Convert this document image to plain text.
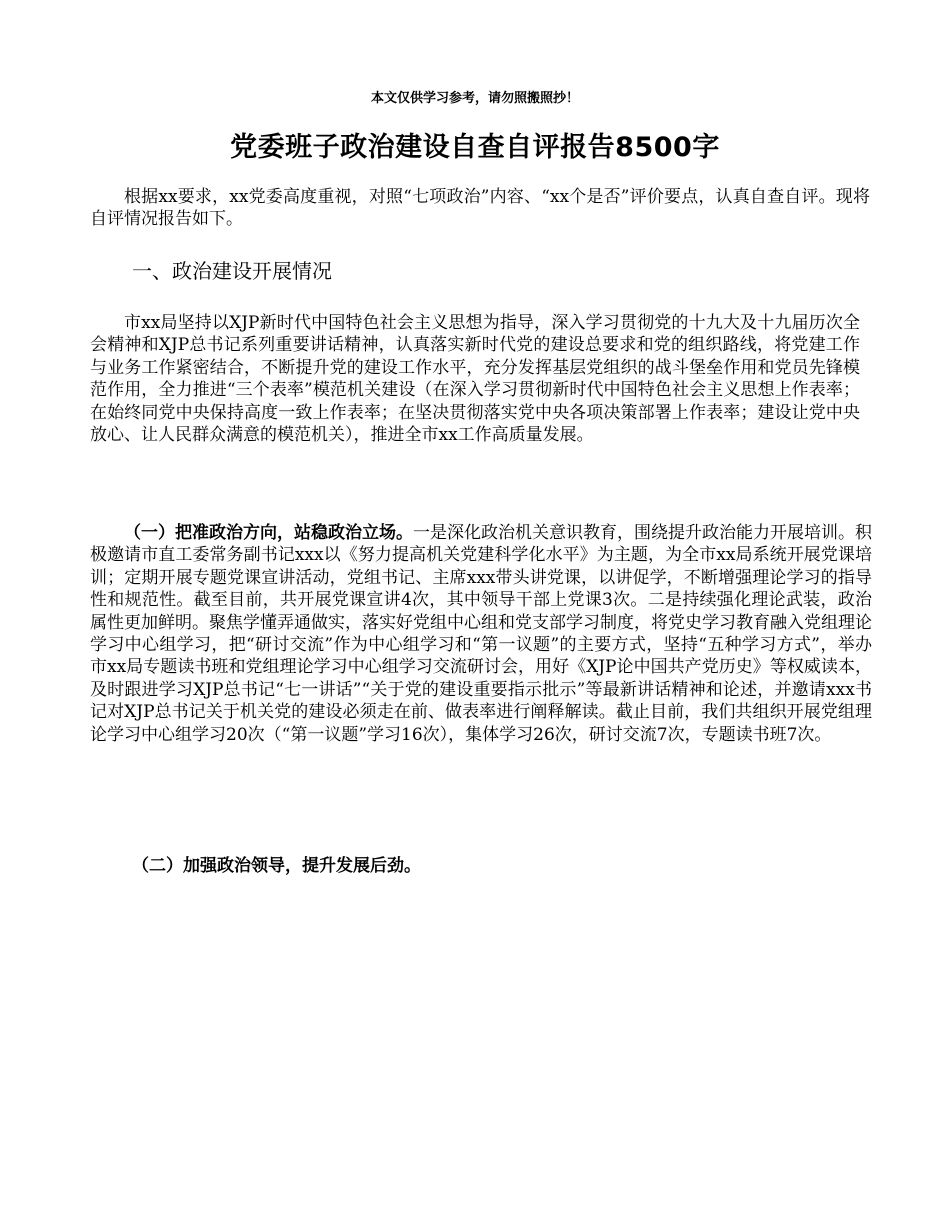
本文仅供学习参考，请勿照搬照抄！
党委班子政治建设自查自评报告8500字

根据xx要求，xx党委高度重视，对照“七项政治”内容、“xx个是否”评价要点，认真自查自评。现将自评情况报告如下。

一、政治建设开展情况

市xx局坚持以XJP新时代中国特色社会主义思想为指导，深入学习贯彻党的十九大及十九届历次全会精神和XJP总书记系列重要讲话精神，认真落实新时代党的建设总要求和党的组织路线，将党建工作与业务工作紧密结合，不断提升党的建设工作水平，充分发挥基层党组织的战斗堡垒作用和党员先锋模范作用，全力推进“三个表率”模范机关建设（在深入学习贯彻新时代中国特色社会主义思想上作表率；在始终同党中央保持高度一致上作表率；在坚决贯彻落实党中央各项决策部署上作表率；建设让党中央放心、让人民群众满意的模范机关），推进全市xx工作高质量发展。

（一）把准政治方向，站稳政治立场。一是深化政治机关意识教育，围绕提升政治能力开展培训。积极邀请市直工委常务副书记xxx以《努力提高机关党建科学化水平》为主题，为全市xx局系统开展党课培训；定期开展专题党课宣讲活动，党组书记、主席xxx带头讲党课，以讲促学，不断增强理论学习的指导性和规范性。截至目前，共开展党课宣讲4次，其中领导干部上党课3次。二是持续强化理论武装，政治属性更加鲜明。聚焦学懂弄通做实，落实好党组中心组和党支部学习制度，将党史学习教育融入党组理论学习中心组学习，把“研讨交流”作为中心组学习和“第一议题”的主要方式，坚持“五种学习方式”，举办市xx局专题读书班和党组理论学习中心组学习交流研讨会，用好《XJP论中国共产党历史》等权威读本，及时跟进学习XJP总书记“七一讲话”“关于党的建设重要指示批示”等最新讲话精神和论述，并邀请xxx书记对XJP总书记关于机关党的建设必须走在前、做表率进行阐释解读。截止目前，我们共组织开展党组理论学习中心组学习20次（“第一议题”学习16次），集体学习26次，研讨交流7次，专题读书班7次。

（二）加强政治领导，提升发展后劲。
